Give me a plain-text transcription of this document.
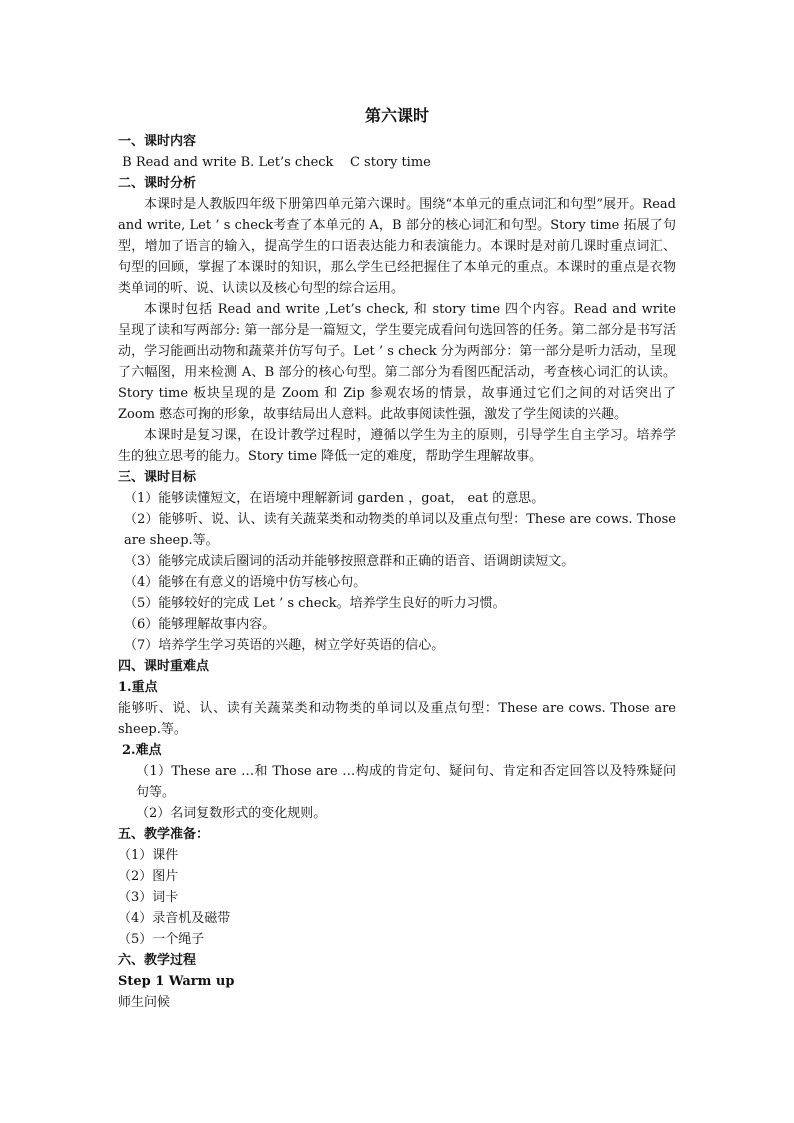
第六课时

一、课时内容

B Read and write B. Let’s check    C story time

二、课时分析

本课时是人教版四年级下册第四单元第六课时。围绕“本单元的重点词汇和句型”展开。Read and write, Let ’ s check考查了本单元的 A，B 部分的核心词汇和句型。Story time 拓展了句型，增加了语言的输入，提高学生的口语表达能力和表演能力。本课时是对前几课时重点词汇、句型的回顾，掌握了本课时的知识，那么学生已经把握住了本单元的重点。本课时的重点是衣物类单词的听、说、认读以及核心句型的综合运用。

本课时包括 Read and write ,Let’s check, 和 story time 四个内容。Read and write 呈现了读和写两部分: 第一部分是一篇短文，学生要完成看问句选回答的任务。第二部分是书写活动，学习能画出动物和蔬菜并仿写句子。Let ’ s check 分为两部分：第一部分是听力活动，呈现了六幅图，用来检测 A、B 部分的核心句型。第二部分为看图匹配活动，考查核心词汇的认读。Story time 板块呈现的是 Zoom 和 Zip 参观农场的情景，故事通过它们之间的对话突出了 Zoom 憨态可掬的形象，故事结局出人意料。此故事阅读性强，激发了学生阅读的兴趣。

本课时是复习课，在设计教学过程时，遵循以学生为主的原则，引导学生自主学习。培养学生的独立思考的能力。Story time 降低一定的难度，帮助学生理解故事。

三、课时目标

（1）能够读懂短文，在语境中理解新词 garden ，goat， eat 的意思。

（2）能够听、说、认、读有关蔬菜类和动物类的单词以及重点句型：These are cows. Those are sheep.等。

（3）能够完成读后圈词的活动并能够按照意群和正确的语音、语调朗读短文。

（4）能够在有意义的语境中仿写核心句。

（5）能够较好的完成 Let ’ s check。培养学生良好的听力习惯。

（6）能够理解故事内容。

（7）培养学生学习英语的兴趣，树立学好英语的信心。

四、课时重难点

1.重点

能够听、说、认、读有关蔬菜类和动物类的单词以及重点句型：These are cows. Those are sheep.等。

2.难点

（1）These are …和 Those are …构成的肯定句、疑问句、肯定和否定回答以及特殊疑问句等。

（2）名词复数形式的变化规则。

五、教学准备：

（1）课件

（2）图片

（3）词卡

（4）录音机及磁带

（5）一个绳子

六、教学过程

Step 1 Warm up

师生问候
